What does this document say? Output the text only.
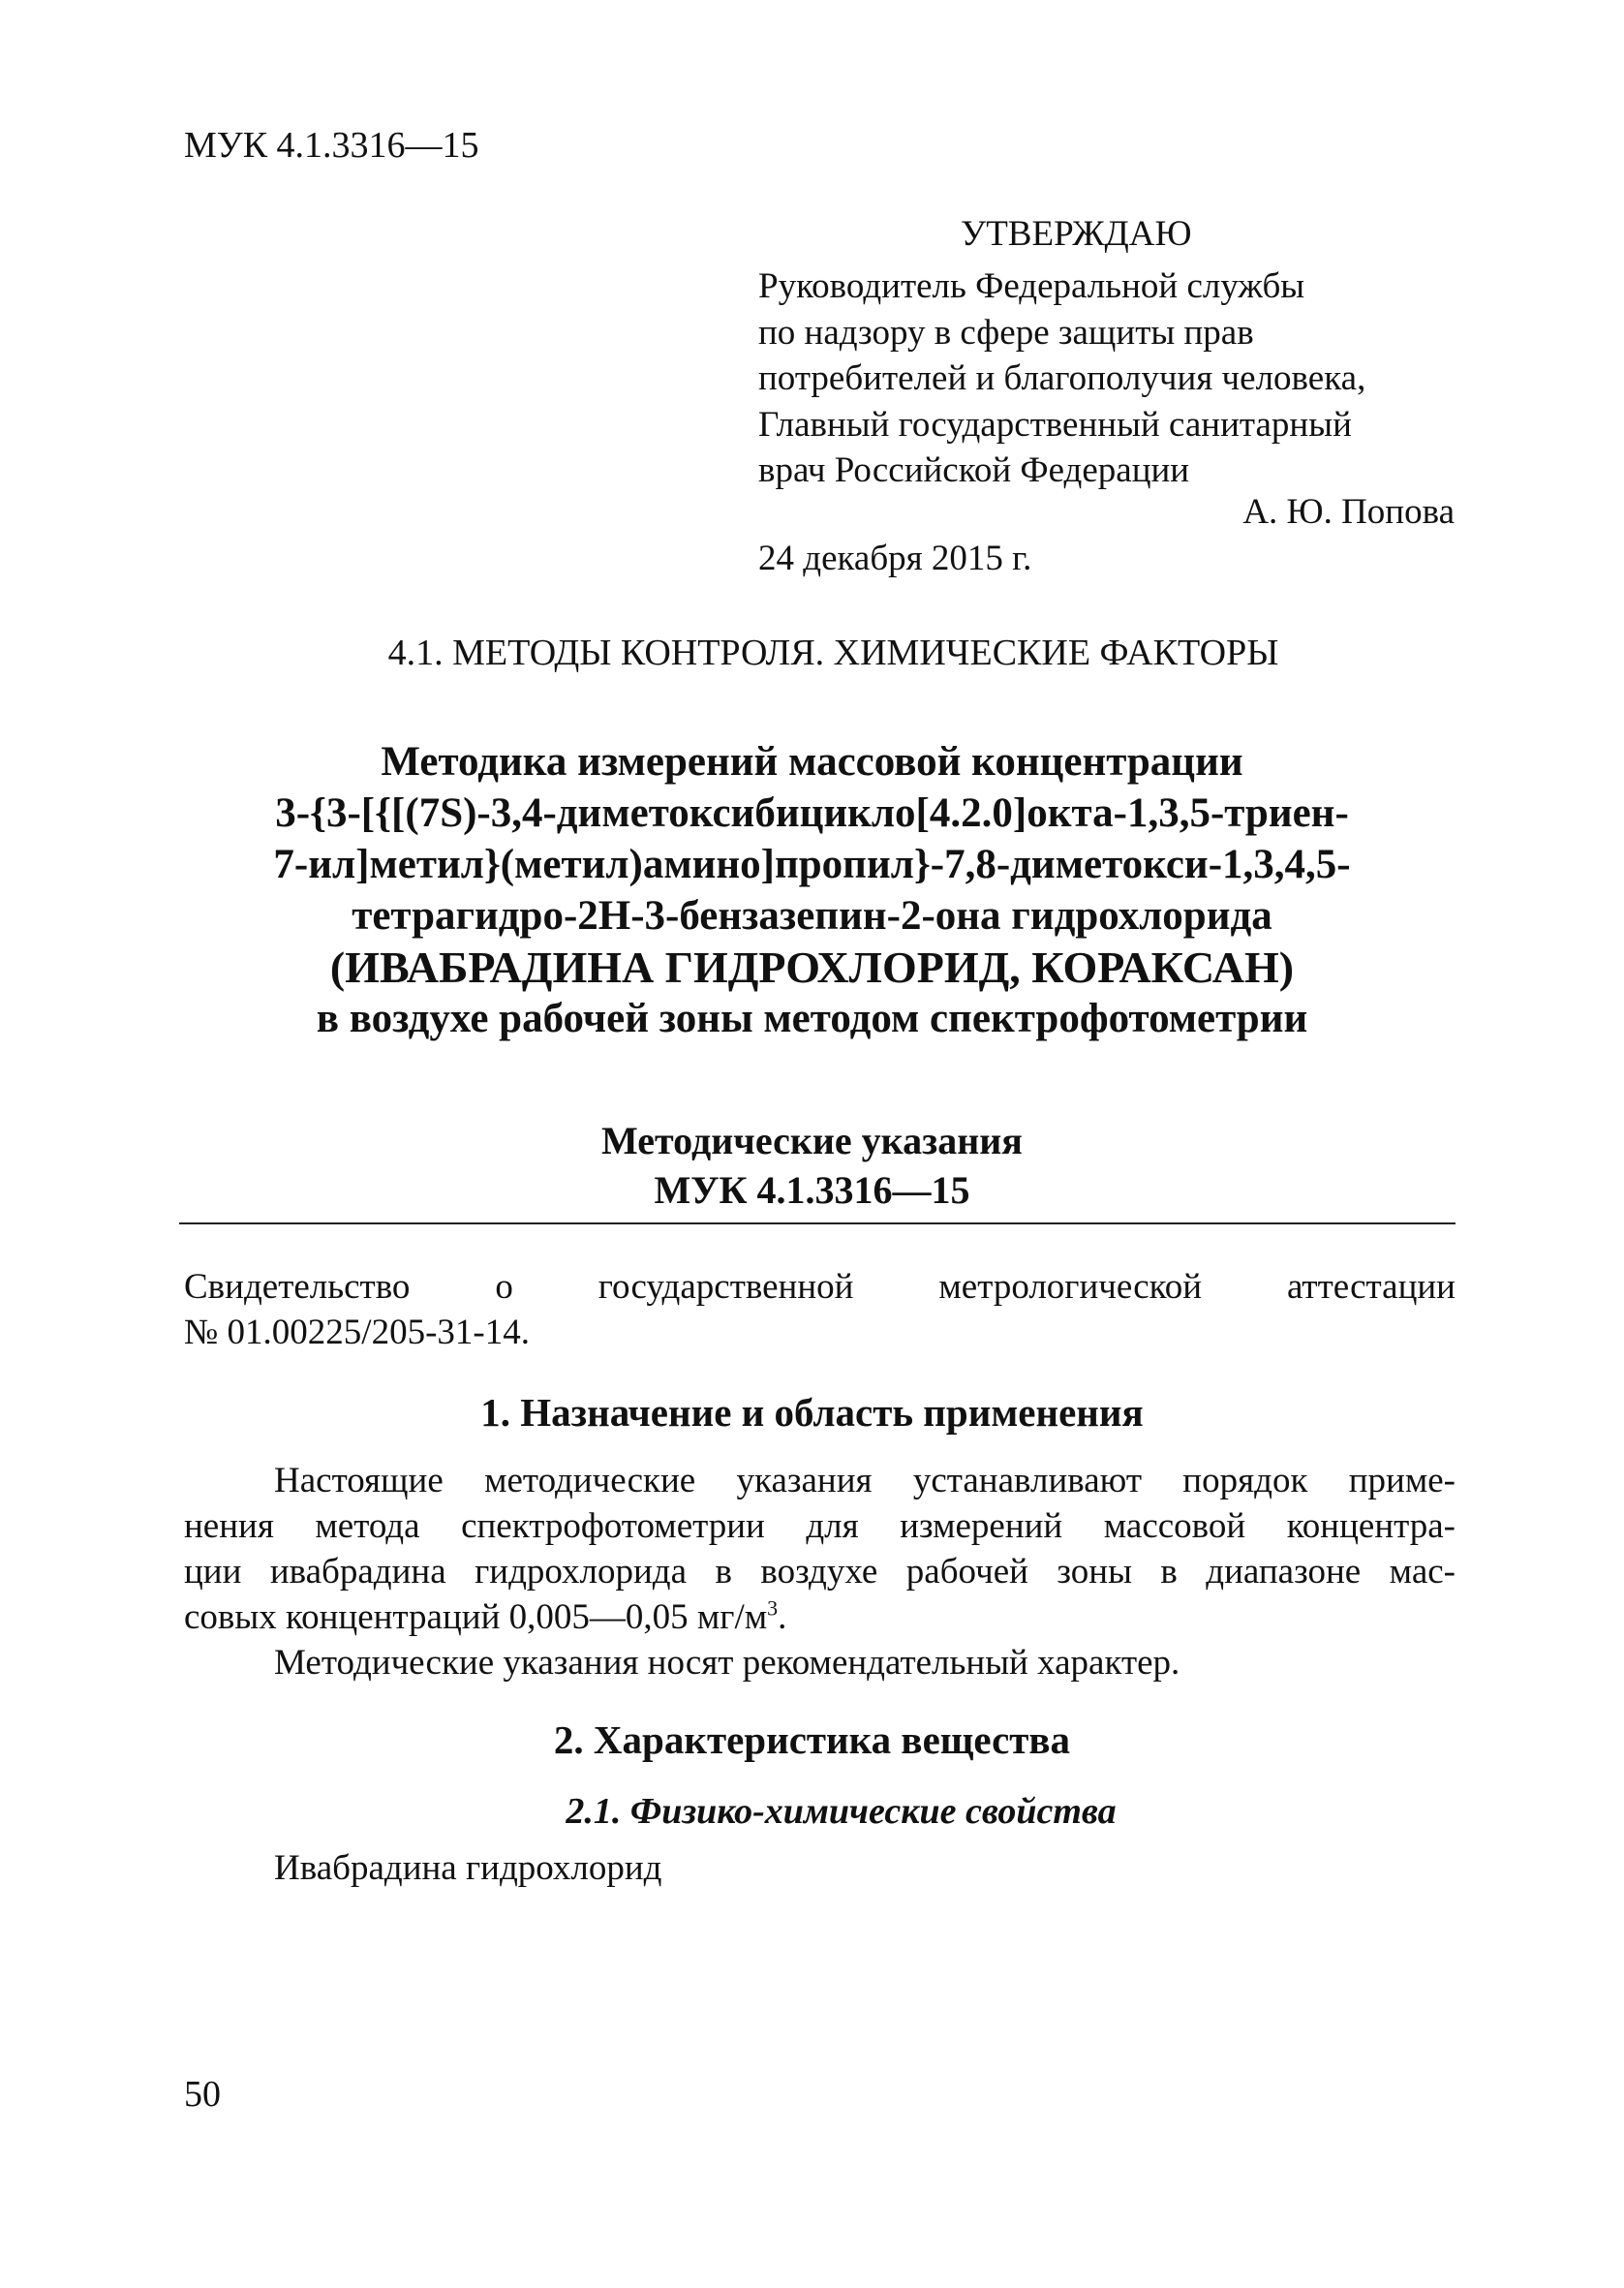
МУК 4.1.3316—15
УТВЕРЖДАЮ
Руководитель Федеральной службы
по надзору в сфере защиты прав
потребителей и благополучия человека,
Главный государственный санитарный
врач Российской Федерации
А. Ю. Попова
24 декабря 2015 г.
4.1. МЕТОДЫ КОНТРОЛЯ. ХИМИЧЕСКИЕ ФАКТОРЫ
Методика измерений массовой концентрации
3-{3-[{[(7S)-3,4-диметоксибицикло[4.2.0]окта-1,3,5-триен-
7-ил]метил}(метил)амино]пропил}-7,8-диметокси-1,3,4,5-
тетрагидро-2Н-3-бензазепин-2-она гидрохлорида
(ИВАБРАДИНА ГИДРОХЛОРИД, КОРАКСАН)
в воздухе рабочей зоны методом спектрофотометрии
Методические указания
МУК 4.1.3316—15
Свидетельство о государственной метрологической аттестации
№ 01.00225/205-31-14.
1. Назначение и область применения
Настоящие методические указания устанавливают порядок приме-
нения метода спектрофотометрии для измерений массовой концентра-
ции ивабрадина гидрохлорида в воздухе рабочей зоны в диапазоне мас-
совых концентраций 0,005—0,05 $мг/м^3$.
Методические указания носят рекомендательный характер.
2. Характеристика вещества
2.1. Физико-химические свойства
Ивабрадина гидрохлорид
50
